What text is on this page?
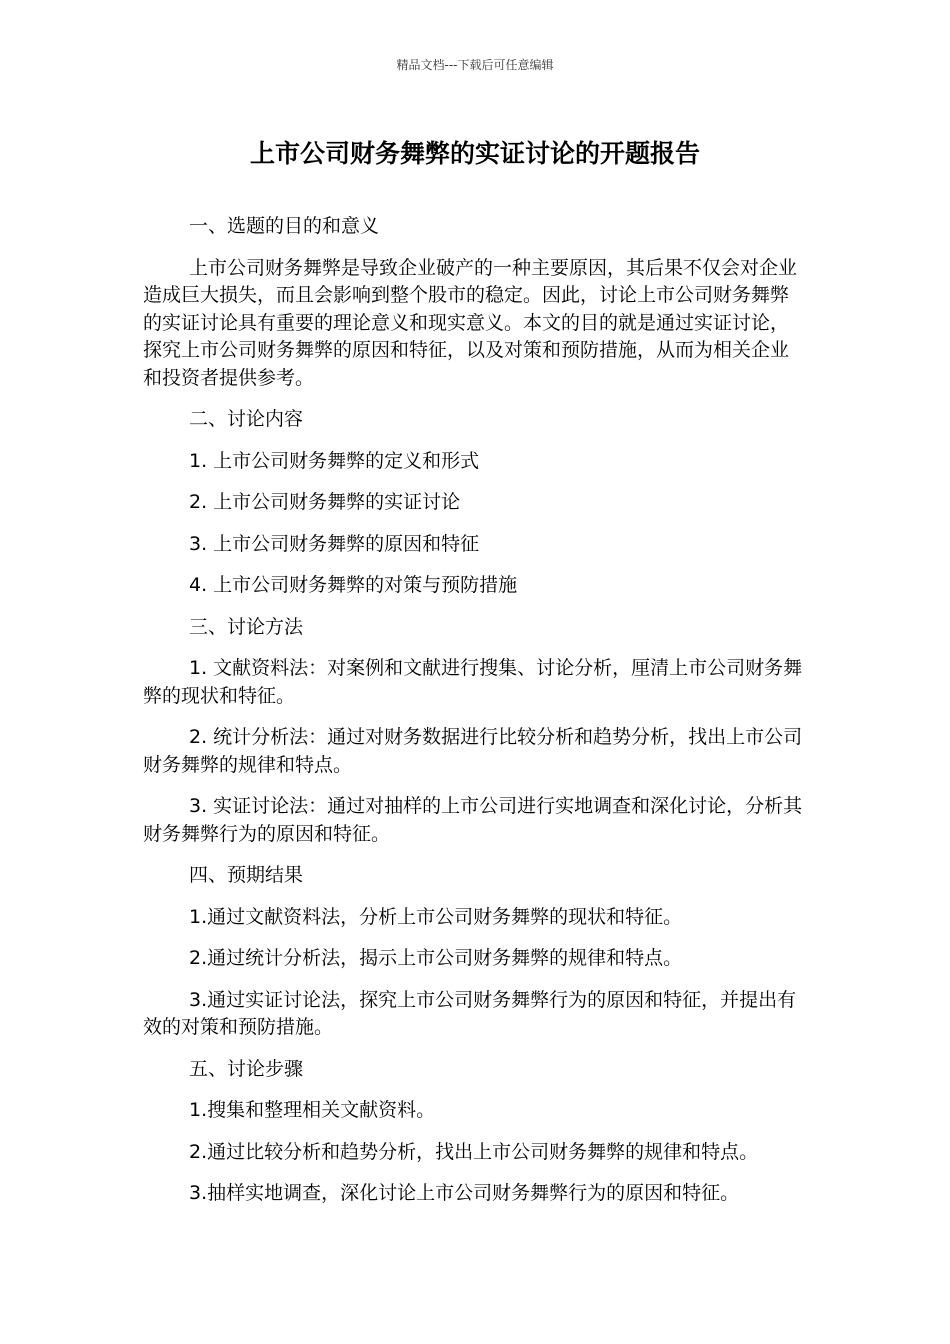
精品文档---下载后可任意编辑
上市公司财务舞弊的实证讨论的开题报告

一、选题的目的和意义

上市公司财务舞弊是导致企业破产的一种主要原因，其后果不仅会对企业造成巨大损失，而且会影响到整个股市的稳定。因此，讨论上市公司财务舞弊的实证讨论具有重要的理论意义和现实意义。本文的目的就是通过实证讨论，探究上市公司财务舞弊的原因和特征，以及对策和预防措施，从而为相关企业和投资者提供参考。

二、讨论内容

1. 上市公司财务舞弊的定义和形式

2. 上市公司财务舞弊的实证讨论

3. 上市公司财务舞弊的原因和特征

4. 上市公司财务舞弊的对策与预防措施

三、讨论方法

1. 文献资料法：对案例和文献进行搜集、讨论分析，厘清上市公司财务舞弊的现状和特征。

2. 统计分析法：通过对财务数据进行比较分析和趋势分析，找出上市公司财务舞弊的规律和特点。

3. 实证讨论法：通过对抽样的上市公司进行实地调查和深化讨论，分析其财务舞弊行为的原因和特征。

四、预期结果

1.通过文献资料法，分析上市公司财务舞弊的现状和特征。

2.通过统计分析法，揭示上市公司财务舞弊的规律和特点。

3.通过实证讨论法，探究上市公司财务舞弊行为的原因和特征，并提出有效的对策和预防措施。

五、讨论步骤

1.搜集和整理相关文献资料。

2.通过比较分析和趋势分析，找出上市公司财务舞弊的规律和特点。

3.抽样实地调查，深化讨论上市公司财务舞弊行为的原因和特征。
